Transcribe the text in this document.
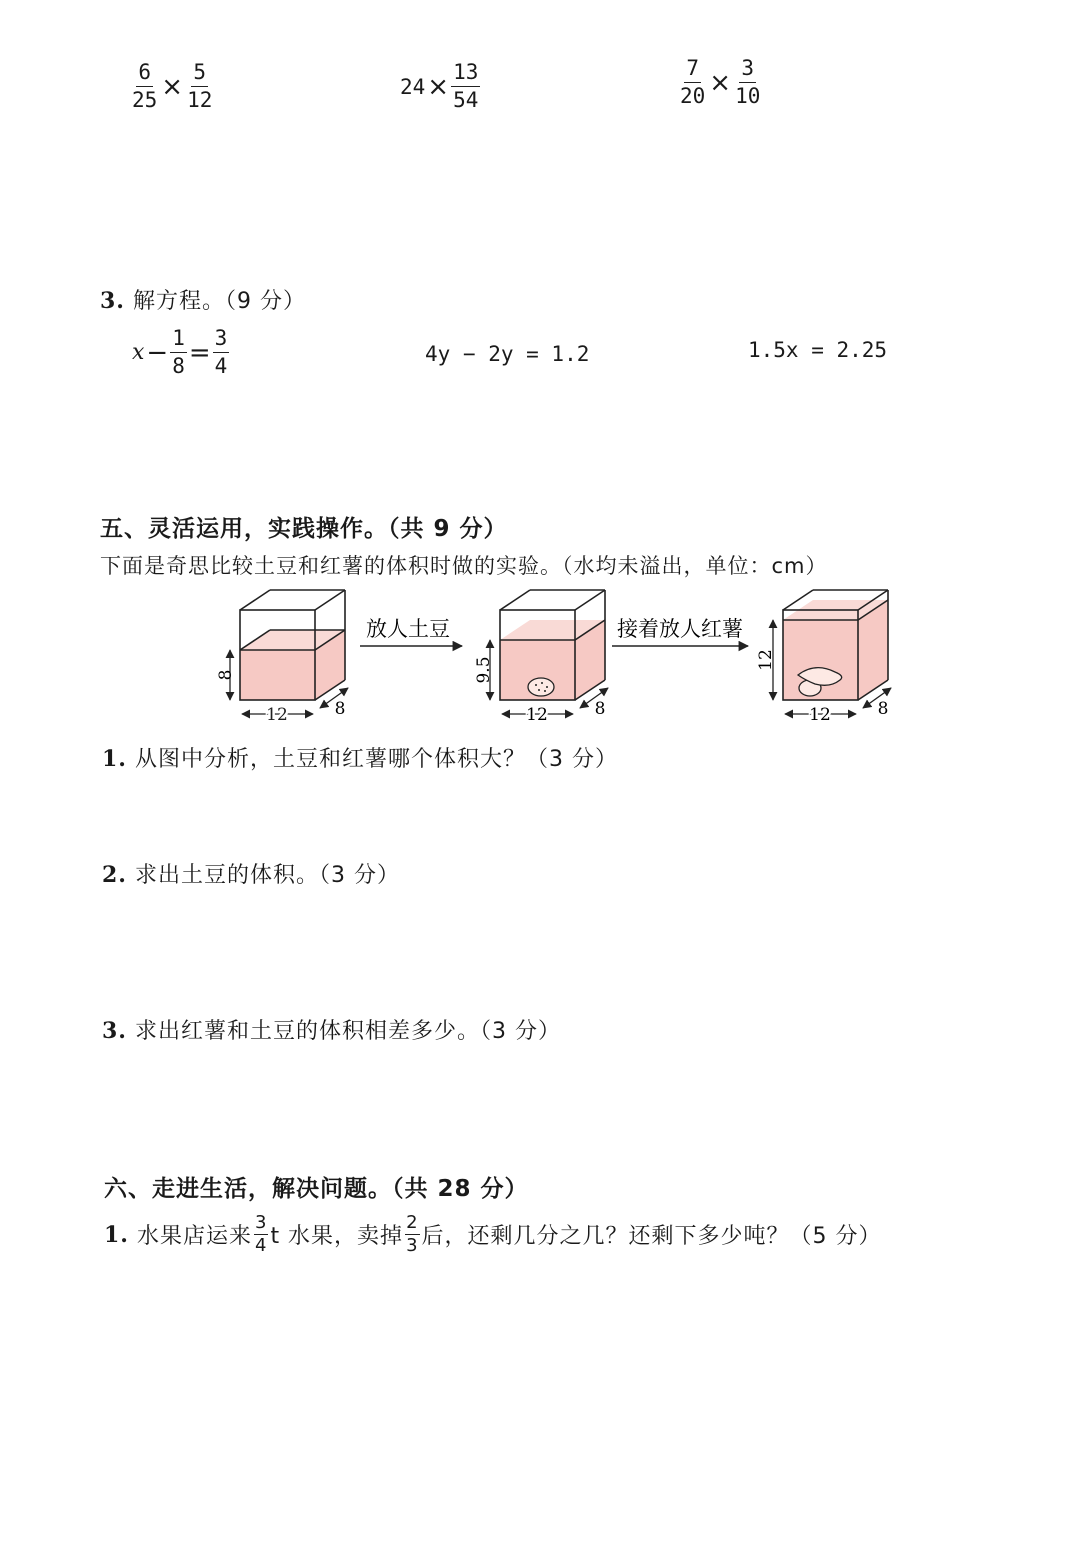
$\frac{6}{25} \times \frac{5}{12}$	$24 \times \frac{13}{54}$	$\frac{7}{20} \times \frac{3}{10}$
3. 解方程。（9 分）
$x - \frac{1}{8} = \frac{3}{4}$	4y − 2y = 1.2	1.5x = 2.25
五、灵活运用，实践操作。（共 9 分）
下面是奇思比较土豆和红薯的体积时做的实验。（水均未溢出，单位：cm）
8
12	8
放人土豆
9.5
12	8
接着放人红薯
12
12	8
1. 从图中分析，土豆和红薯哪个体积大？（3 分）
2. 求出土豆的体积。（3 分）
3. 求出红薯和土豆的体积相差多少。（3 分）
六、走进生活，解决问题。（共 28 分）
1. 水果店运来 $\frac{3}{4}$ t 水果，卖掉 $\frac{2}{3}$ 后，还剩几分之几？还剩下多少吨？ （5 分）
